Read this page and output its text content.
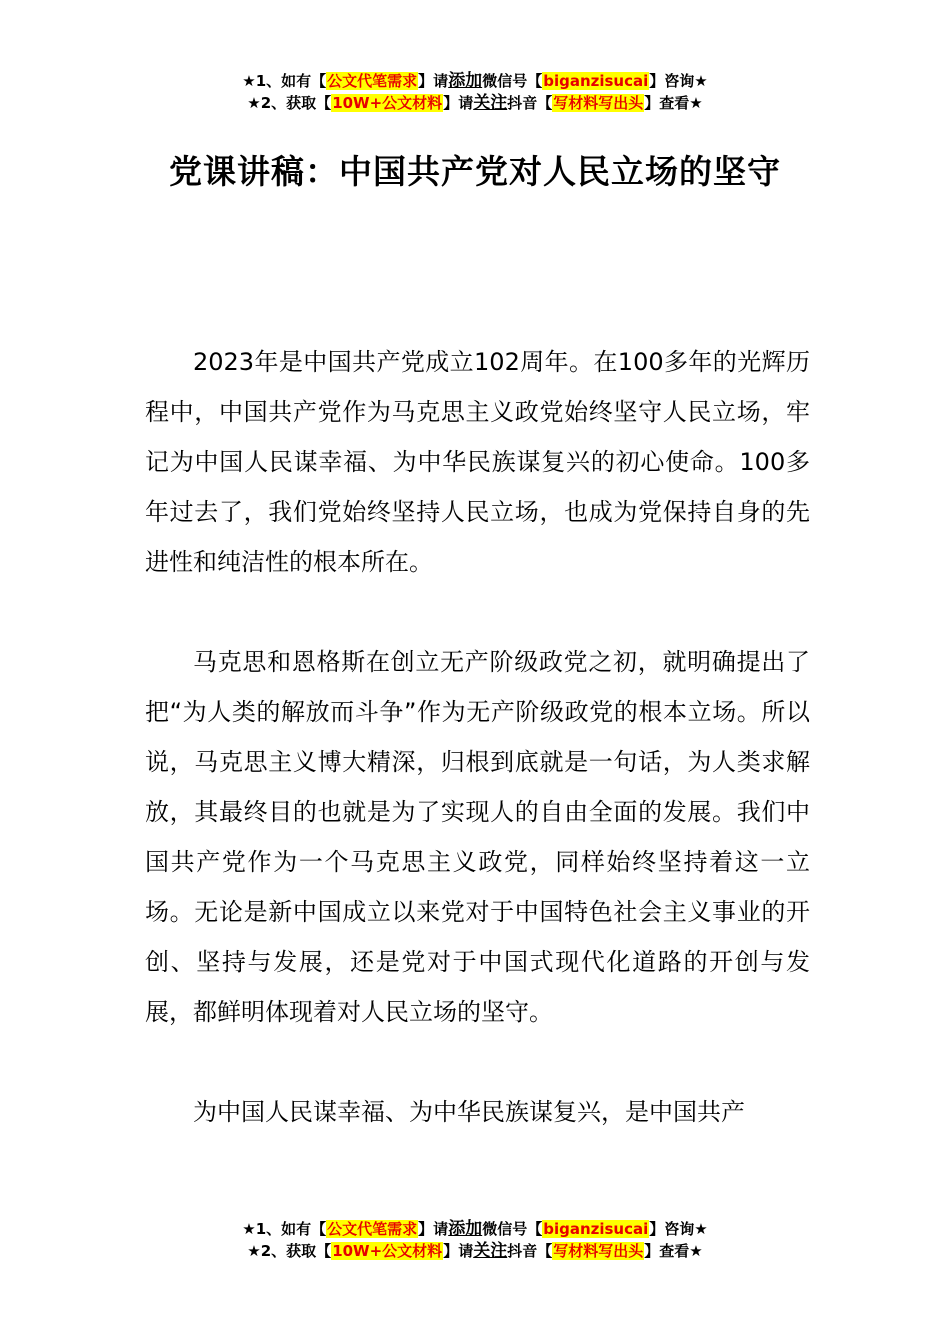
★1、如有【公文代笔需求】请添加微信号【biganzisucai】咨询★
★2、获取【10W+公文材料】请关注抖音【写材料写出头】查看★
党课讲稿：中国共产党对人民立场的坚守

2023年是中国共产党成立102周年。在100多年的光辉历程中，中国共产党作为马克思主义政党始终坚守人民立场，牢记为中国人民谋幸福、为中华民族谋复兴的初心使命。100多年过去了，我们党始终坚持人民立场，也成为党保持自身的先进性和纯洁性的根本所在。

马克思和恩格斯在创立无产阶级政党之初，就明确提出了把“为人类的解放而斗争”作为无产阶级政党的根本立场。所以说，马克思主义博大精深，归根到底就是一句话，为人类求解放，其最终目的也就是为了实现人的自由全面的发展。我们中国共产党作为一个马克思主义政党，同样始终坚持着这一立场。无论是新中国成立以来党对于中国特色社会主义事业的开创、坚持与发展，还是党对于中国式现代化道路的开创与发展，都鲜明体现着对人民立场的坚守。

为中国人民谋幸福、为中华民族谋复兴，是中国共产

★1、如有【公文代笔需求】请添加微信号【biganzisucai】咨询★
★2、获取【10W+公文材料】请关注抖音【写材料写出头】查看★
